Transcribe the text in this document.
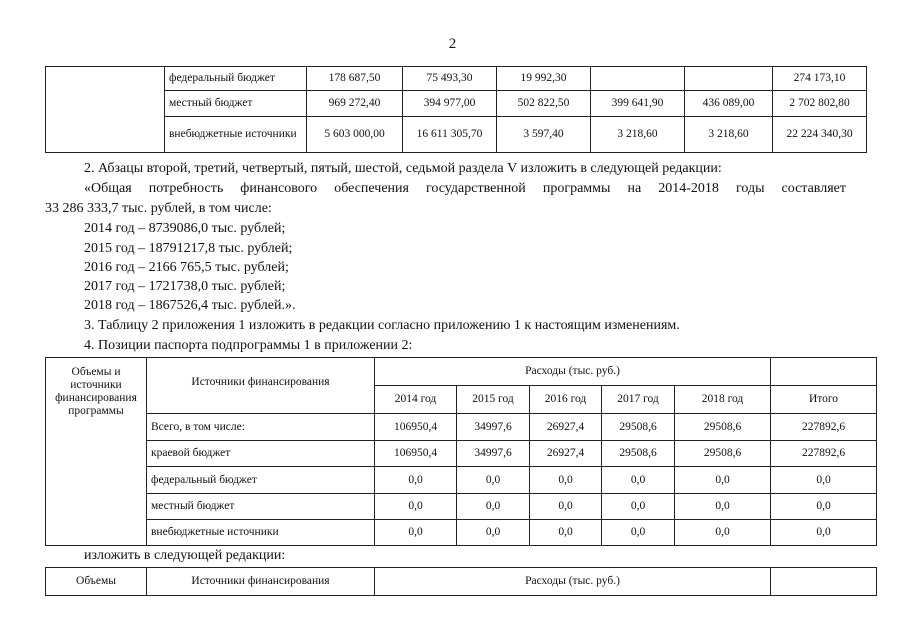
2
	федеральный бюджет	178 687,50	75 493,30	19 992,30			274 173,10
	местный бюджет	969 272,40	394 977,00	502 822,50	399 641,90	436 089,00	2 702 802,80
	внебюджетные источники	5 603 000,00	16 611 305,70	3 597,40	3 218,60	3 218,60	22 224 340,30
2. Абзацы второй, третий, четвертый, пятый, шестой, седьмой раздела V изложить в следующей редакции:
«Общая потребность финансового обеспечения государственной программы на 2014-2018 годы составляет
33 286 333,7 тыс. рублей, в том числе:
2014 год – 8739086,0 тыс. рублей;
2015 год – 18791217,8 тыс. рублей;
2016 год – 2166 765,5 тыс. рублей;
2017 год – 1721738,0 тыс. рублей;
2018 год – 1867526,4 тыс. рублей.».
3. Таблицу 2 приложения 1 изложить в редакции согласно приложению 1 к настоящим изменениям.
4. Позиции паспорта подпрограммы 1 в приложении 2:
Объемы и источники финансирования программы	Источники финансирования	Расходы (тыс. руб.)					
		2014 год	2015 год	2016 год	2017 год	2018 год	Итого
	Всего, в том числе:	106950,4	34997,6	26927,4	29508,6	29508,6	227892,6
	краевой бюджет	106950,4	34997,6	26927,4	29508,6	29508,6	227892,6
	федеральный бюджет	0,0	0,0	0,0	0,0	0,0	0,0
	местный бюджет	0,0	0,0	0,0	0,0	0,0	0,0
	внебюджетные источники	0,0	0,0	0,0	0,0	0,0	0,0
изложить в следующей редакции:
Объемы	Источники финансирования	Расходы (тыс. руб.)	
